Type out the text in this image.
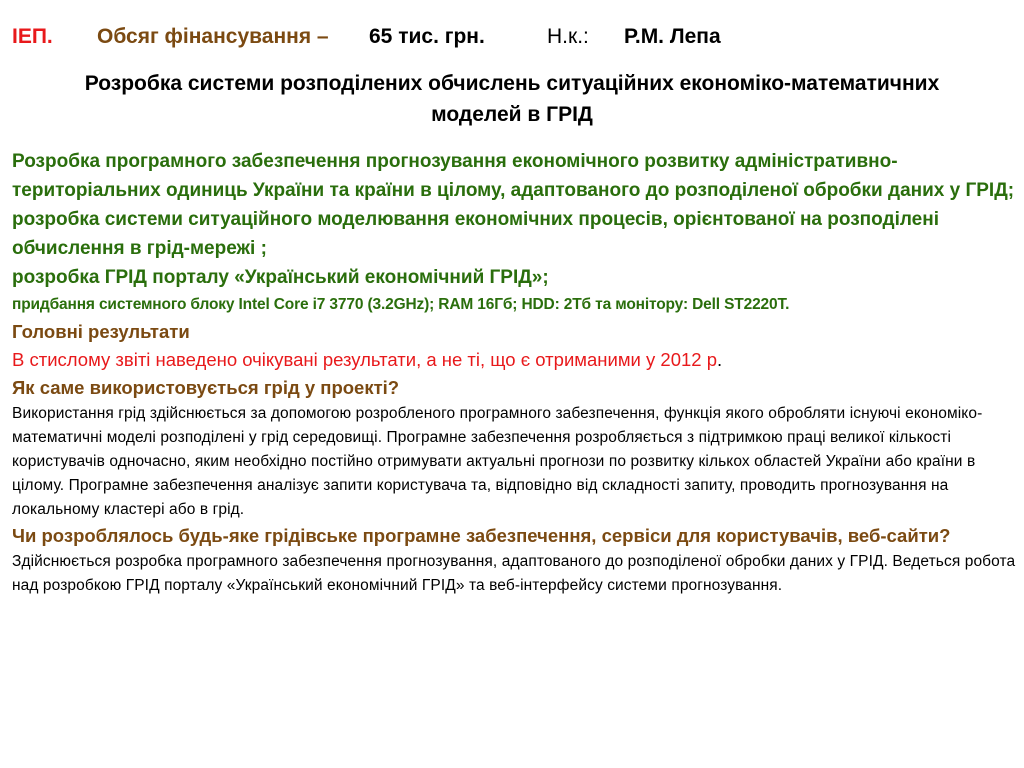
ІЕП. Обсяг фінансування – 65 тис. грн.	Н.к.: Р.М. Лепа
Розробка системи розподілених обчислень ситуаційних економіко-математичних моделей в ГРІД

Розробка програмного забезпечення прогнозування економічного розвитку адміністративно-територіальних одиниць України та країни в цілому, адаптованого до розподіленої обробки даних у ГРІД;

розробка системи ситуаційного моделювання економічних процесів, орієнтованої на розподілені обчислення в грід-мережі ;

розробка ГРІД порталу «Український економічний ГРІД»;

придбання системного блоку Intel Core i7 3770 (3.2GHz); RAM 16Гб; HDD: 2Тб та монітору: Dell ST2220T.

Головні результати

В стислому звіті наведено очікувані результати, а не ті, що є отриманими у 2012 р.

Як саме використовується грід у проекті?

Використання грід здійснюється за допомогою розробленого програмного забезпечення, функція якого обробляти існуючі економіко-математичні моделі розподілені у грід середовищі. Програмне забезпечення розробляється з підтримкою праці великої кількості користувачів одночасно, яким необхідно постійно отримувати актуальні прогнози по розвитку кількох областей України або країни в цілому. Програмне забезпечення аналізує запити користувача та, відповідно від складності запиту, проводить прогнозування на локальному кластері або в грід.

Чи розроблялось будь-яке грідівське програмне забезпечення, сервіси для користувачів, веб-сайти?

Здійснюється розробка програмного забезпечення прогнозування, адаптованого до розподіленої обробки даних у ГРІД. Ведеться робота над розробкою ГРІД порталу «Український економічний ГРІД» та веб-інтерфейсу системи прогнозування.
